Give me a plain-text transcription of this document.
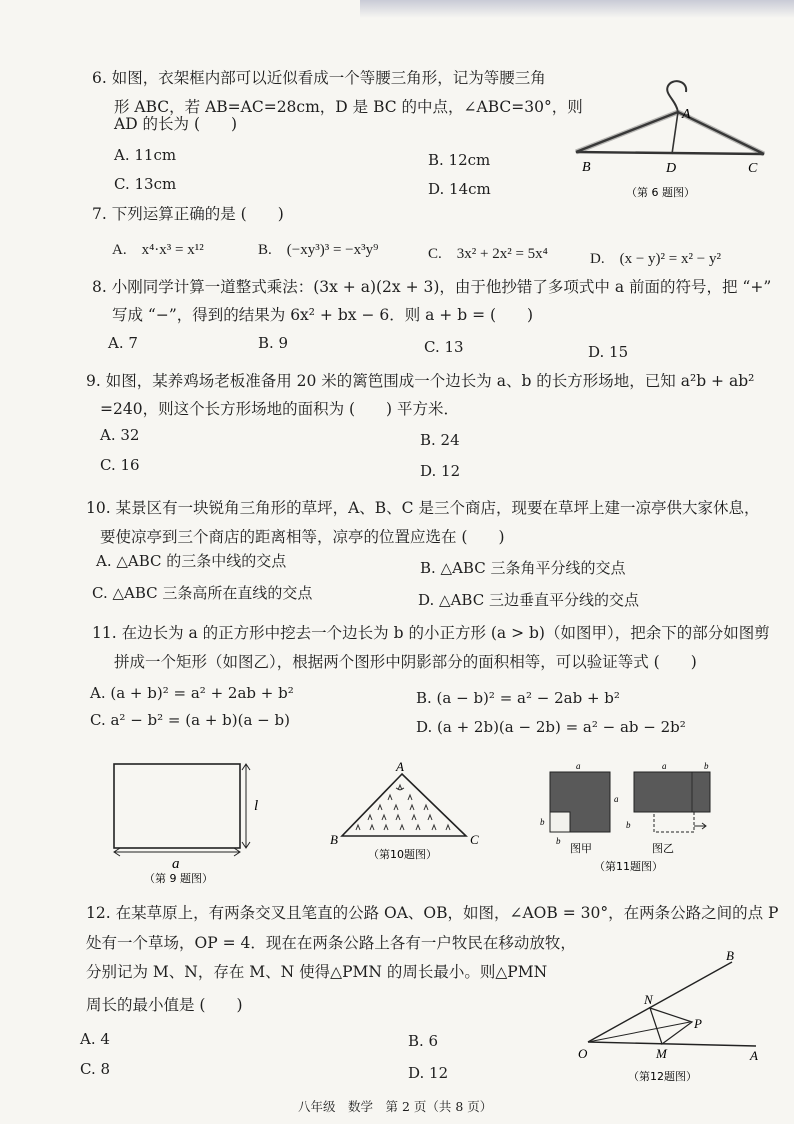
6. 如图，衣架框内部可以近似看成一个等腰三角形，记为等腰三角
形 ABC，若 AB=AC=28cm，D 是 BC 的中点，∠ABC=30°，则
AD 的长为 (　　)
A. 11cm	B. 12cm
C. 13cm	D. 14cm
A
B	D	C
（第 6 题图）
7. 下列运算正确的是 (　　)
A.　x⁴·x³ = x¹²	B.　(−xy³)³ = −x³y⁹	C.　3x² + 2x² = 5x⁴	D.　(x − y)² = x² − y²
8. 小刚同学计算一道整式乘法：(3x + a)(2x + 3)，由于他抄错了多项式中 a 前面的符号，把 “+”
写成 “−”，得到的结果为 6x² + bx − 6．则 a + b = (　　)
A. 7	B. 9	C. 13	D. 15
9. 如图，某养鸡场老板准备用 20 米的篱笆围成一个边长为 a、b 的长方形场地，已知 a²b + ab²
=240，则这个长方形场地的面积为 (　　) 平方米．
A. 32	B. 24
C. 16	D. 12
10. 某景区有一块锐角三角形的草坪，A、B、C 是三个商店，现要在草坪上建一凉亭供大家休息，
要使凉亭到三个商店的距离相等，凉亭的位置应选在 (　　)
A. △ABC 的三条中线的交点	B. △ABC 三条角平分线的交点
C. △ABC 三条高所在直线的交点	D. △ABC 三边垂直平分线的交点
11. 在边长为 a 的正方形中挖去一个边长为 b 的小正方形 (a > b)（如图甲），把余下的部分如图剪
拼成一个矩形（如图乙），根据两个图形中阴影部分的面积相等，可以验证等式 (　　)
A. (a + b)² = a² + 2ab + b²	B. (a − b)² = a² − 2ab + b²
C. a² − b² = (a + b)(a − b)	D. (a + 2b)(a − 2b) = a² − ab − 2b²
l
a
（第 9 题图）
A
B	C
（第10题图）
a
a
b
b
图甲
a	b
b
图乙
（第11题图）
12. 在某草原上，有两条交叉且笔直的公路 OA、OB，如图，∠AOB = 30°，在两条公路之间的点 P
处有一个草场，OP = 4．现在在两条公路上各有一户牧民在移动放牧，
分别记为 M、N，存在 M、N 使得△PMN 的周长最小。则△PMN
周长的最小值是 (　　)
A. 4	B. 6
C. 8	D. 12
O	A
B
M
N
P
（第12题图）
八年级　数学　第 2 页（共 8 页）
